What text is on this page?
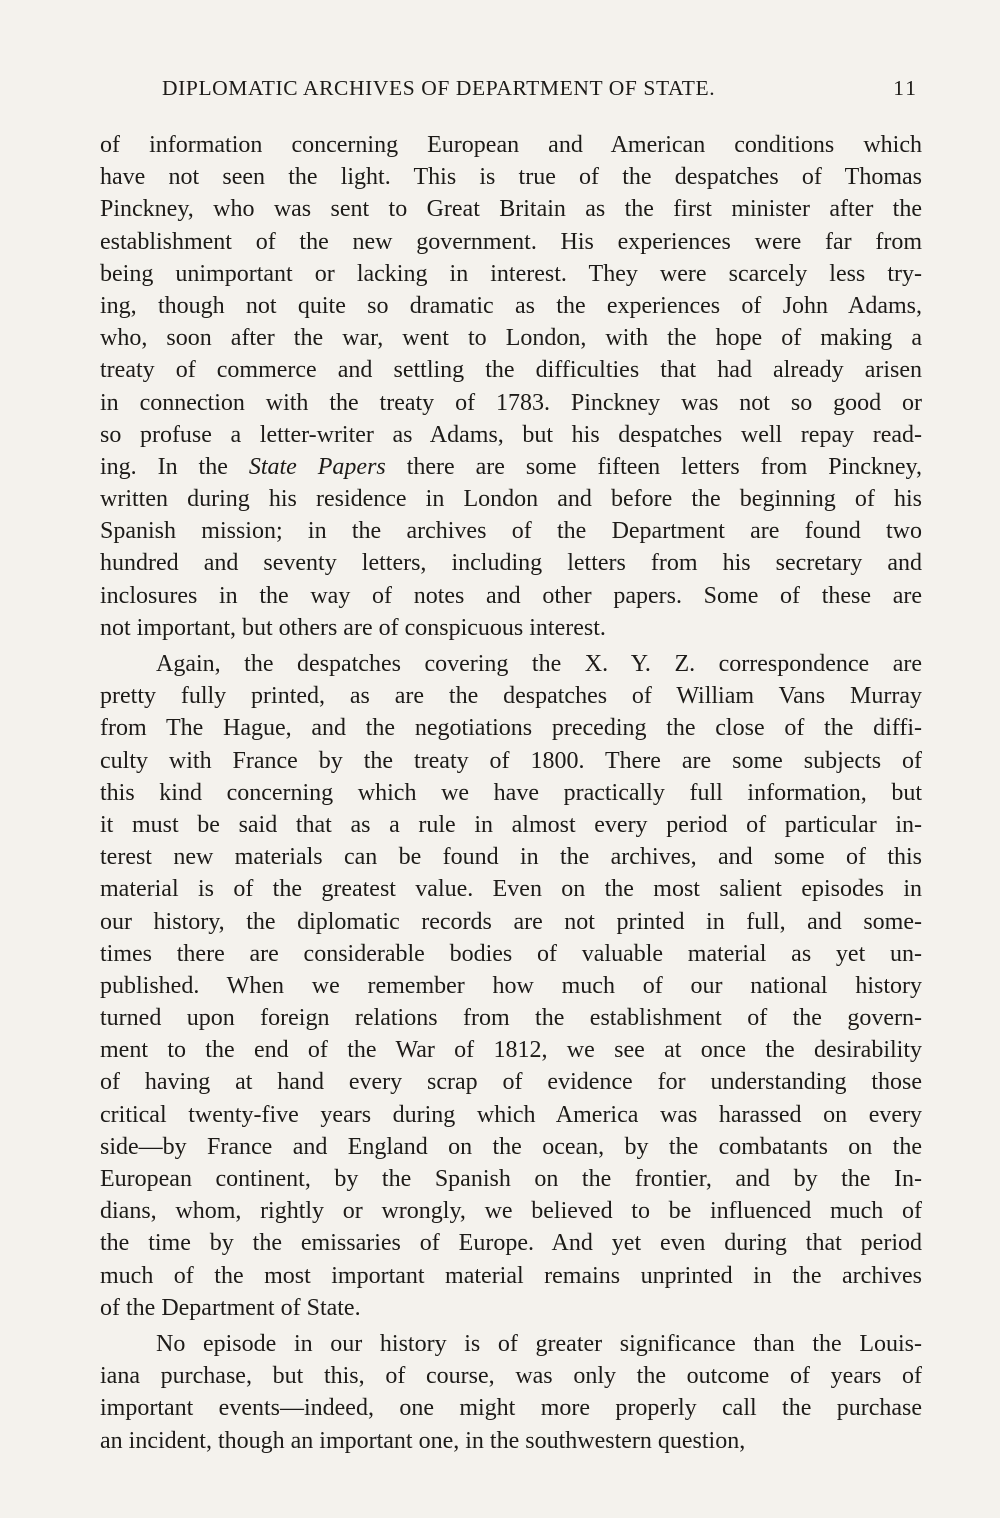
DIPLOMATIC ARCHIVES OF DEPARTMENT OF STATE.	11
of information concerning European and American conditions which
have not seen the light. This is true of the despatches of Thomas
Pinckney, who was sent to Great Britain as the first minister after the
establishment of the new government. His experiences were far from
being unimportant or lacking in interest. They were scarcely less try-
ing, though not quite so dramatic as the experiences of John Adams,
who, soon after the war, went to London, with the hope of making a
treaty of commerce and settling the difficulties that had already arisen
in connection with the treaty of 1783. Pinckney was not so good or
so profuse a letter-writer as Adams, but his despatches well repay read-
ing. In the State Papers there are some fifteen letters from Pinckney,
written during his residence in London and before the beginning of his
Spanish mission; in the archives of the Department are found two
hundred and seventy letters, including letters from his secretary and
inclosures in the way of notes and other papers. Some of these are
not important, but others are of conspicuous interest.
Again, the despatches covering the X. Y. Z. correspondence are
pretty fully printed, as are the despatches of William Vans Murray
from The Hague, and the negotiations preceding the close of the diffi-
culty with France by the treaty of 1800. There are some subjects of
this kind concerning which we have practically full information, but
it must be said that as a rule in almost every period of particular in-
terest new materials can be found in the archives, and some of this
material is of the greatest value. Even on the most salient episodes in
our history, the diplomatic records are not printed in full, and some-
times there are considerable bodies of valuable material as yet un-
published. When we remember how much of our national history
turned upon foreign relations from the establishment of the govern-
ment to the end of the War of 1812, we see at once the desirability
of having at hand every scrap of evidence for understanding those
critical twenty-five years during which America was harassed on every
side—by France and England on the ocean, by the combatants on the
European continent, by the Spanish on the frontier, and by the In-
dians, whom, rightly or wrongly, we believed to be influenced much of
the time by the emissaries of Europe. And yet even during that period
much of the most important material remains unprinted in the archives
of the Department of State.
No episode in our history is of greater significance than the Louis-
iana purchase, but this, of course, was only the outcome of years of
important events—indeed, one might more properly call the purchase
an incident, though an important one, in the southwestern question,
